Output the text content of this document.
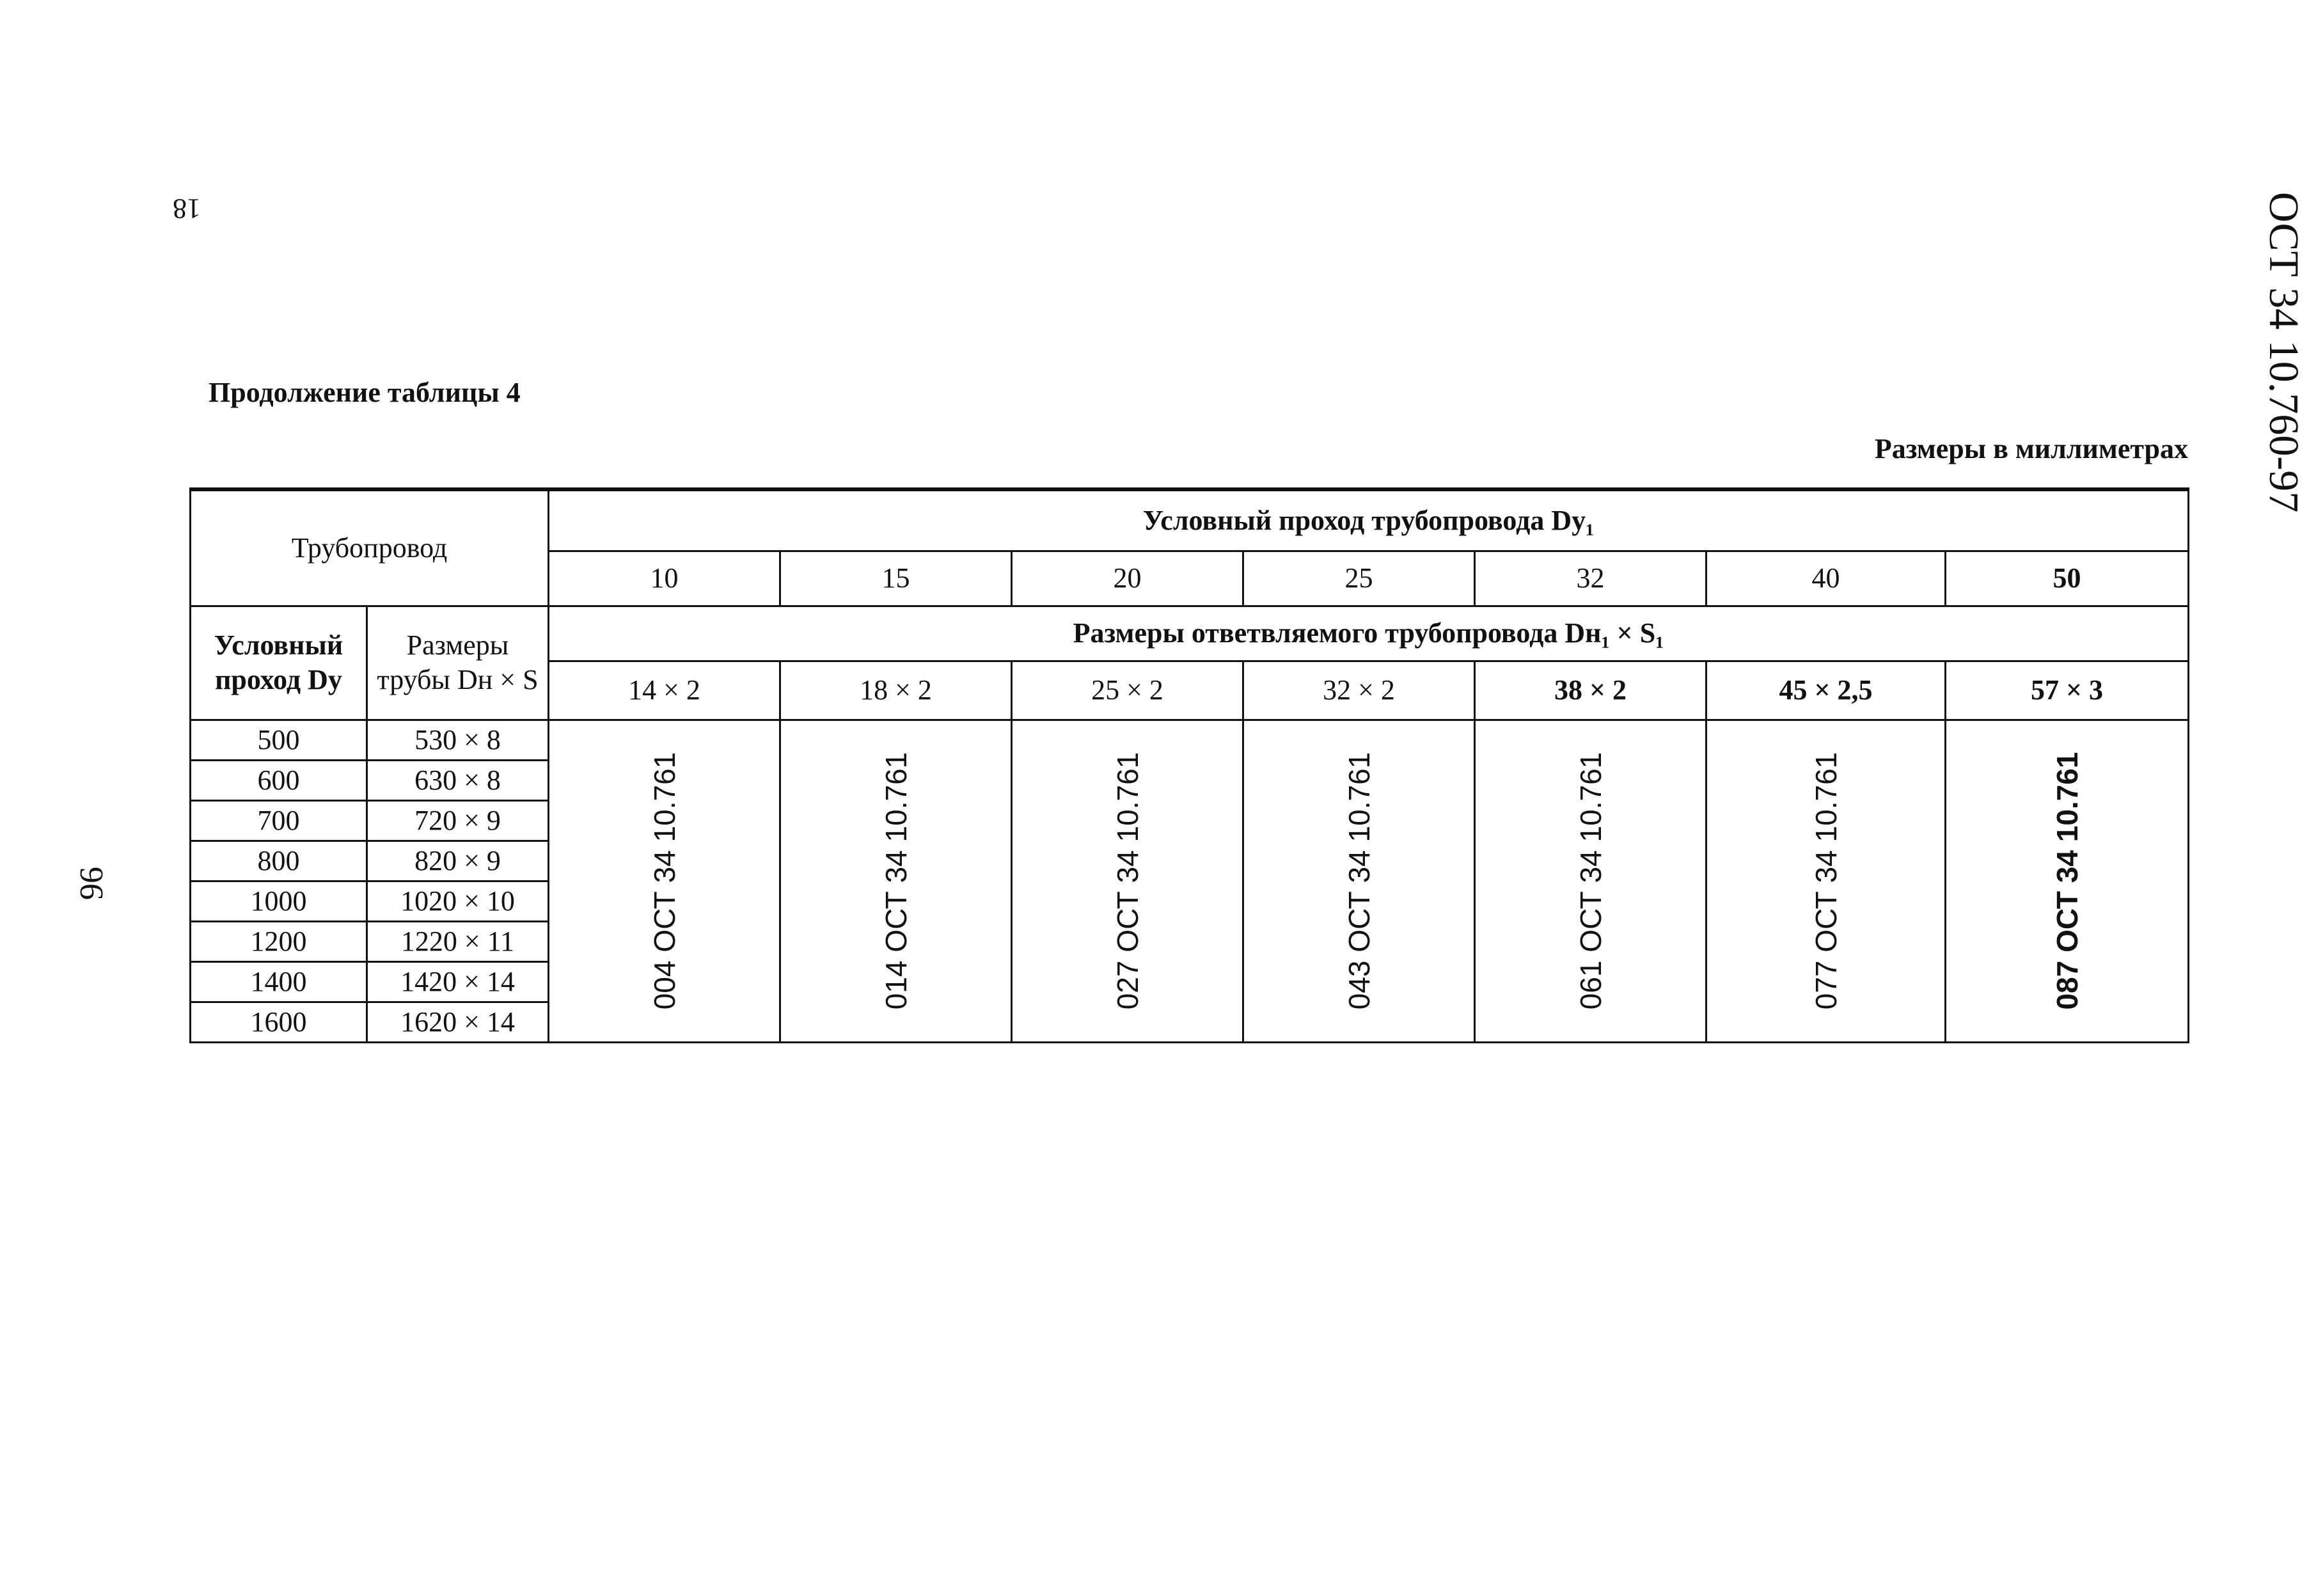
18
96
ОСТ 34 10.760-97
Продолжение таблицы 4
Размеры в миллиметрах
Трубопровод		Условный проход трубопровода Dy₁						
		10	15	20	25	32	40	50
Условный проход Dy	Размеры трубы Dн × S	Размеры ответвляемого трубопровода Dн₁ × S₁						
		14 × 2	18 × 2	25 × 2	32 × 2	38 × 2	45 × 2,5	57 × 3
500	530 × 8	004 ОСТ 34 10.761	014 ОСТ 34 10.761	027 ОСТ 34 10.761	043 ОСТ 34 10.761	061 ОСТ 34 10.761	077 ОСТ 34 10.761	087 ОСТ 34 10.761

600	630 × 8							
700	720 × 9							
800	820 × 9							
1000	1020 × 10							
1200	1220 × 11							
1400	1420 × 14							
1600	1620 × 14							
